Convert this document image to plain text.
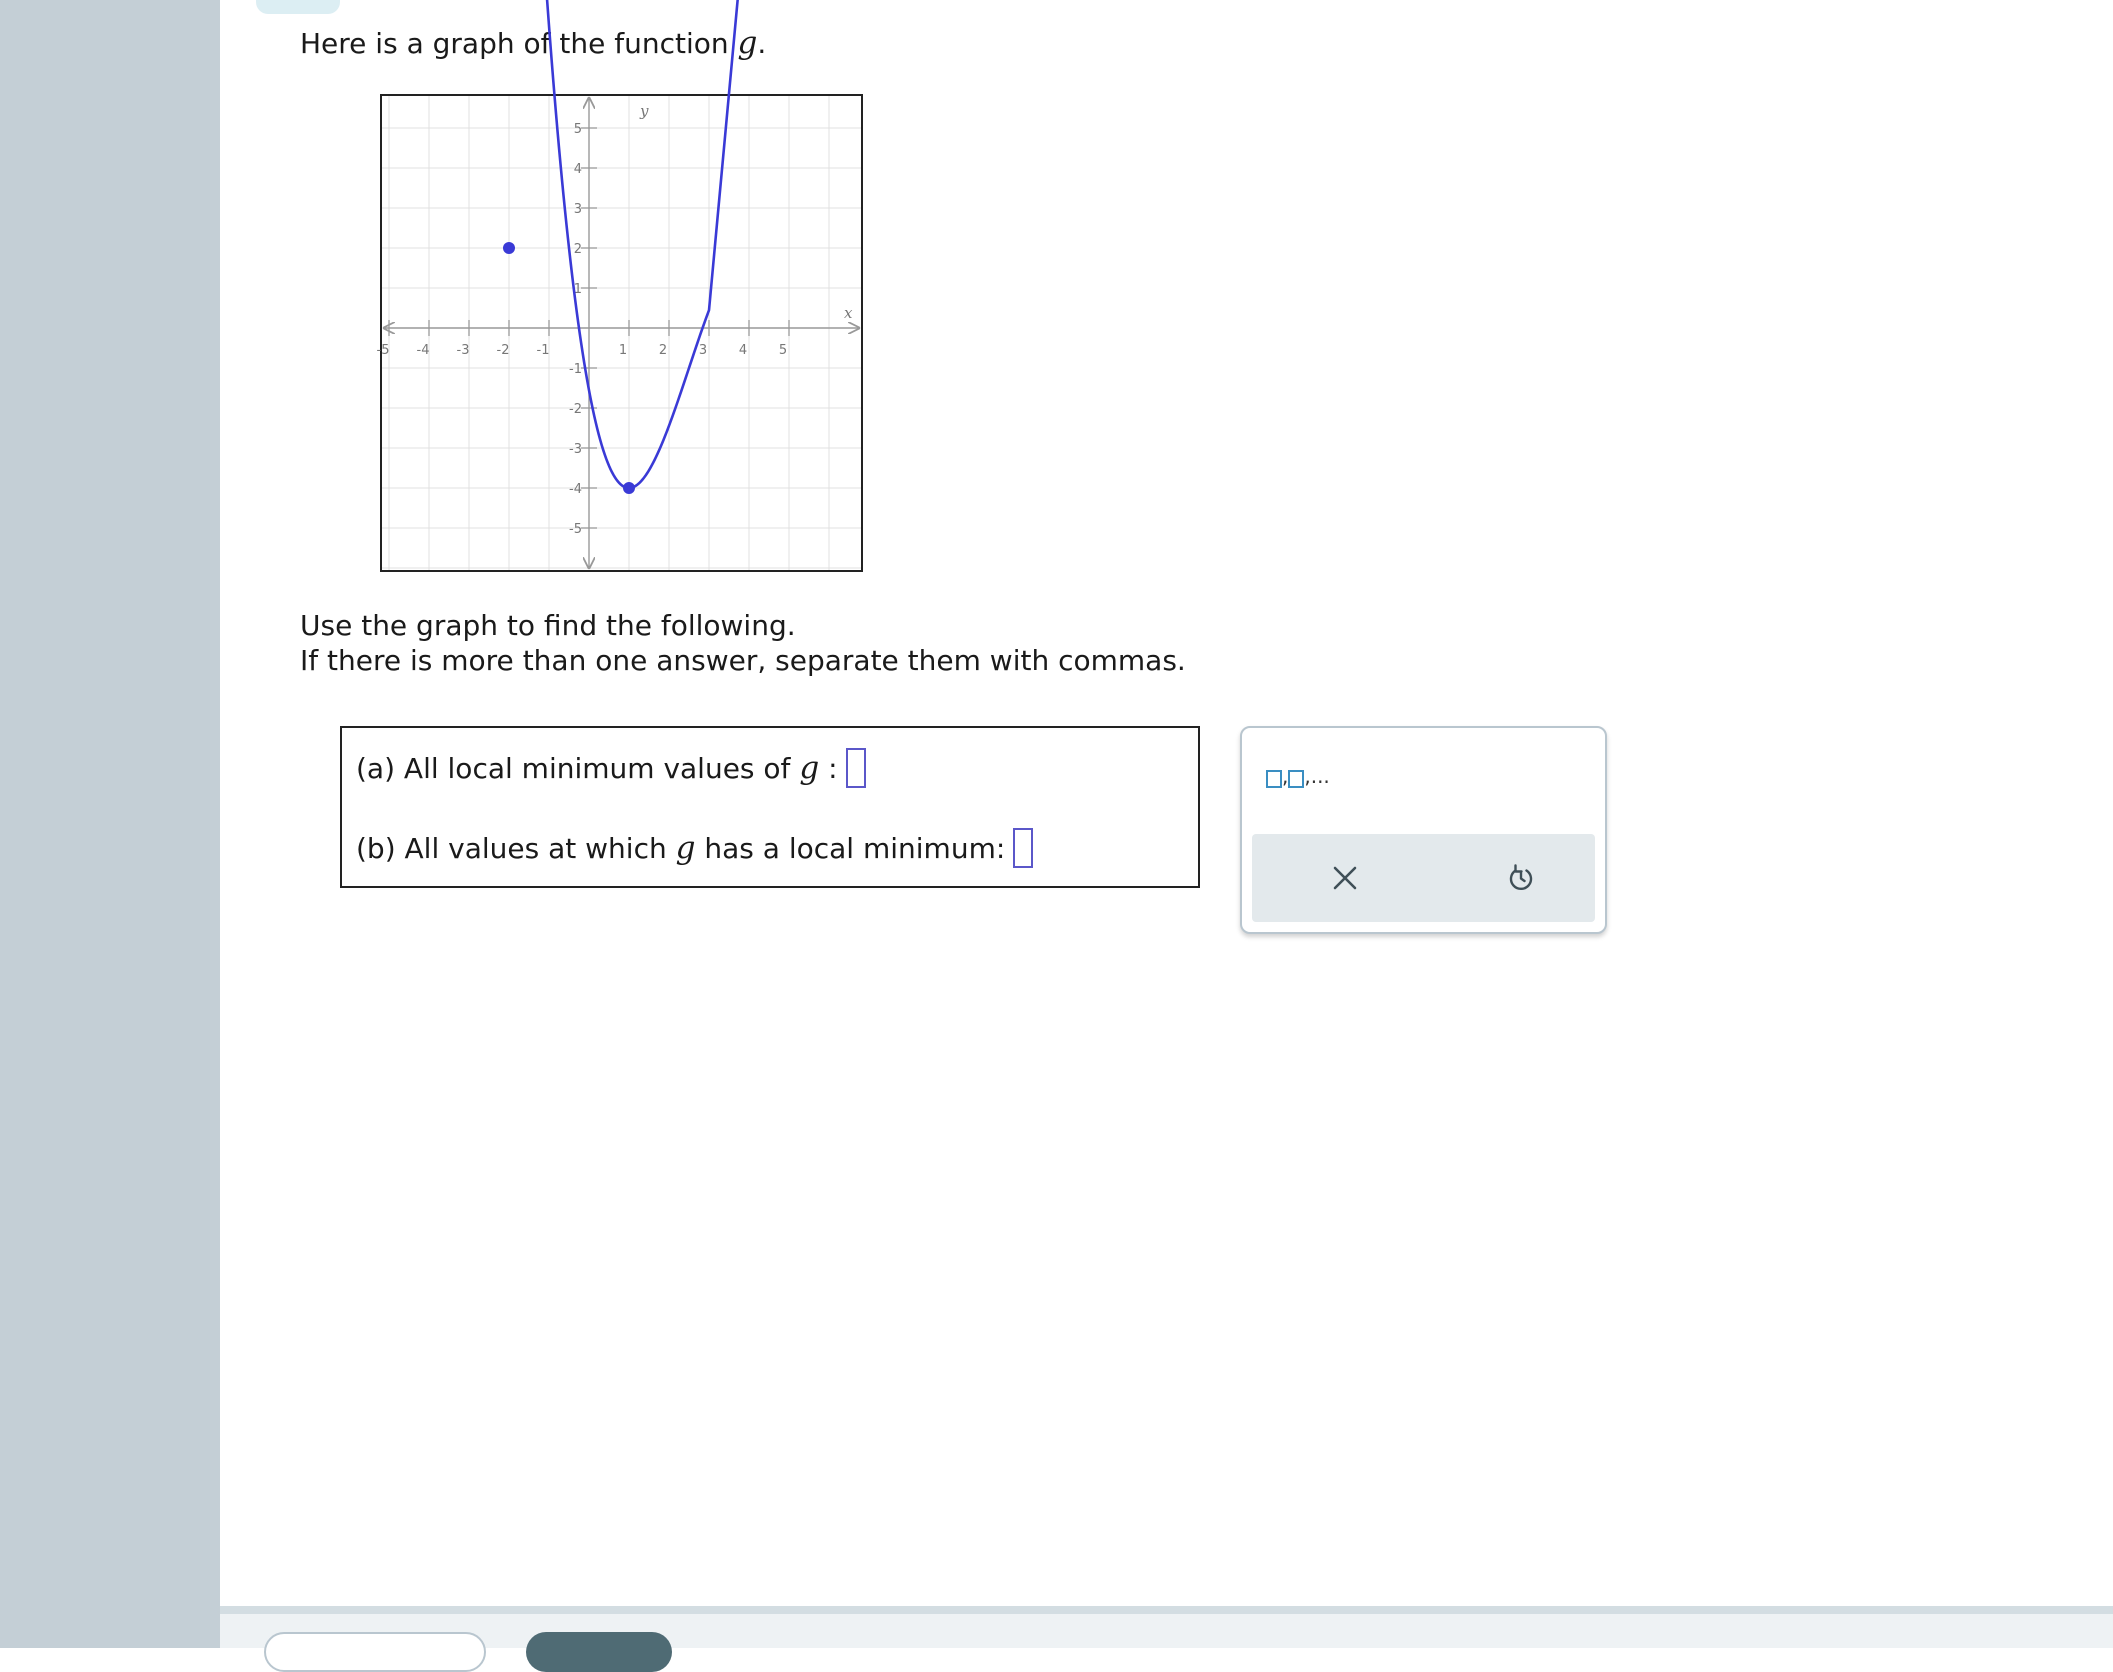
Here is a graph of the function g.
-5 -4 -3 -2 -1	1 2 3 4 5
5
4
3
2
1
-1
-2
-3
-4
-5
x
y
Use the graph to find the following.
If there is more than one answer, separate them with commas.
(a) All local minimum values of g :
(b) All values at which g has a local minimum:
, ,...
